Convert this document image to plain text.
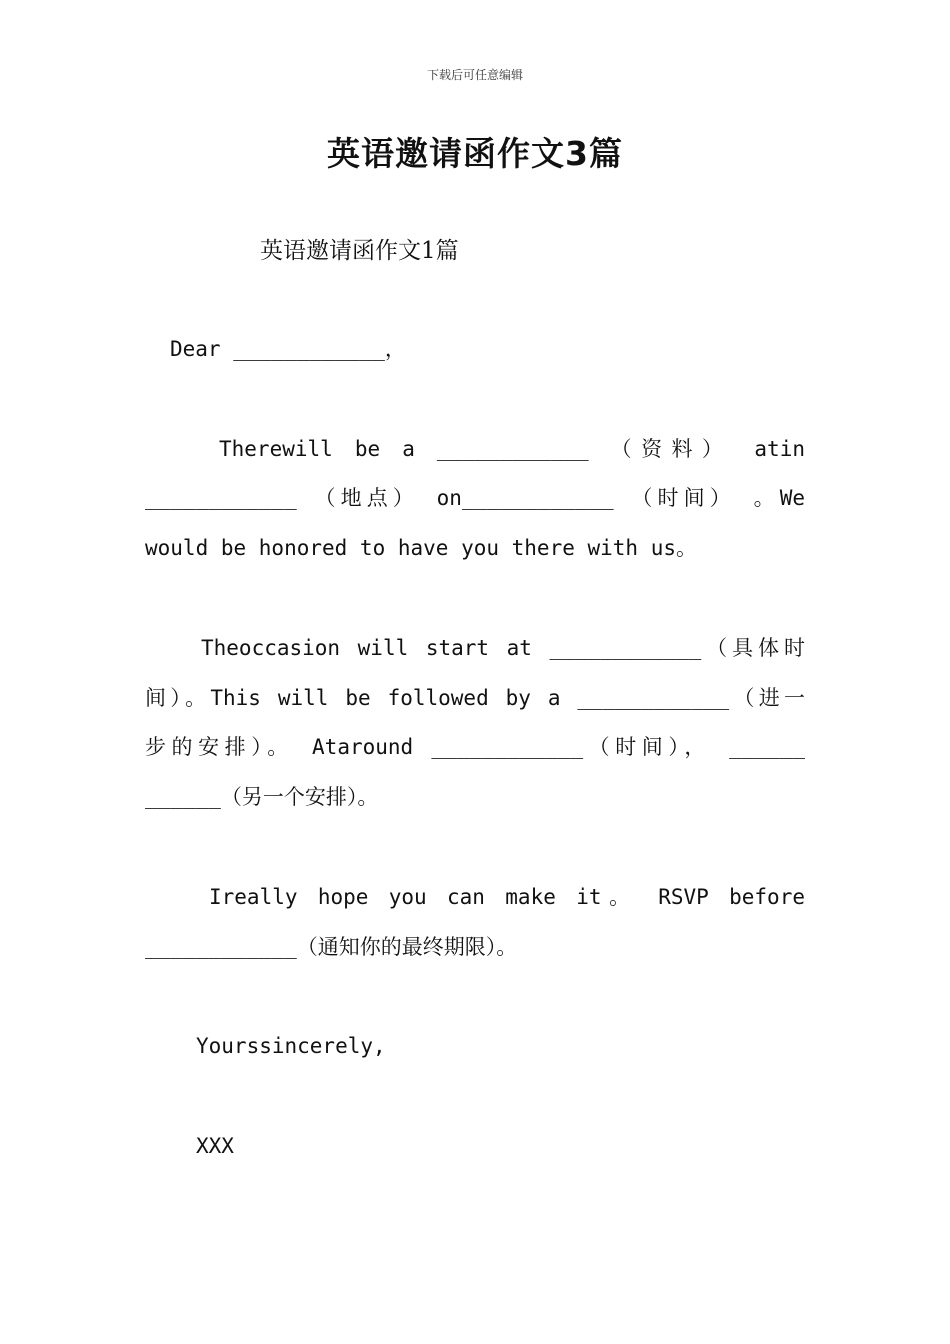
下载后可任意编辑
英语邀请函作文3篇
英语邀请函作文1篇
Dear ____________，
Therewill be a ____________ （资料） atin
____________ （地点） on____________ （时间） 。We
would be honored to have you there with us。
Theoccasion will start at ____________（具体时
间）。This will be followed by a ____________（进一
步的安排）。 Ataround ____________（时间）， ______
______（另一个安排）。
Ireally hope you can make it。 RSVP before
____________（通知你的最终期限）。
Yourssincerely,
XXX
